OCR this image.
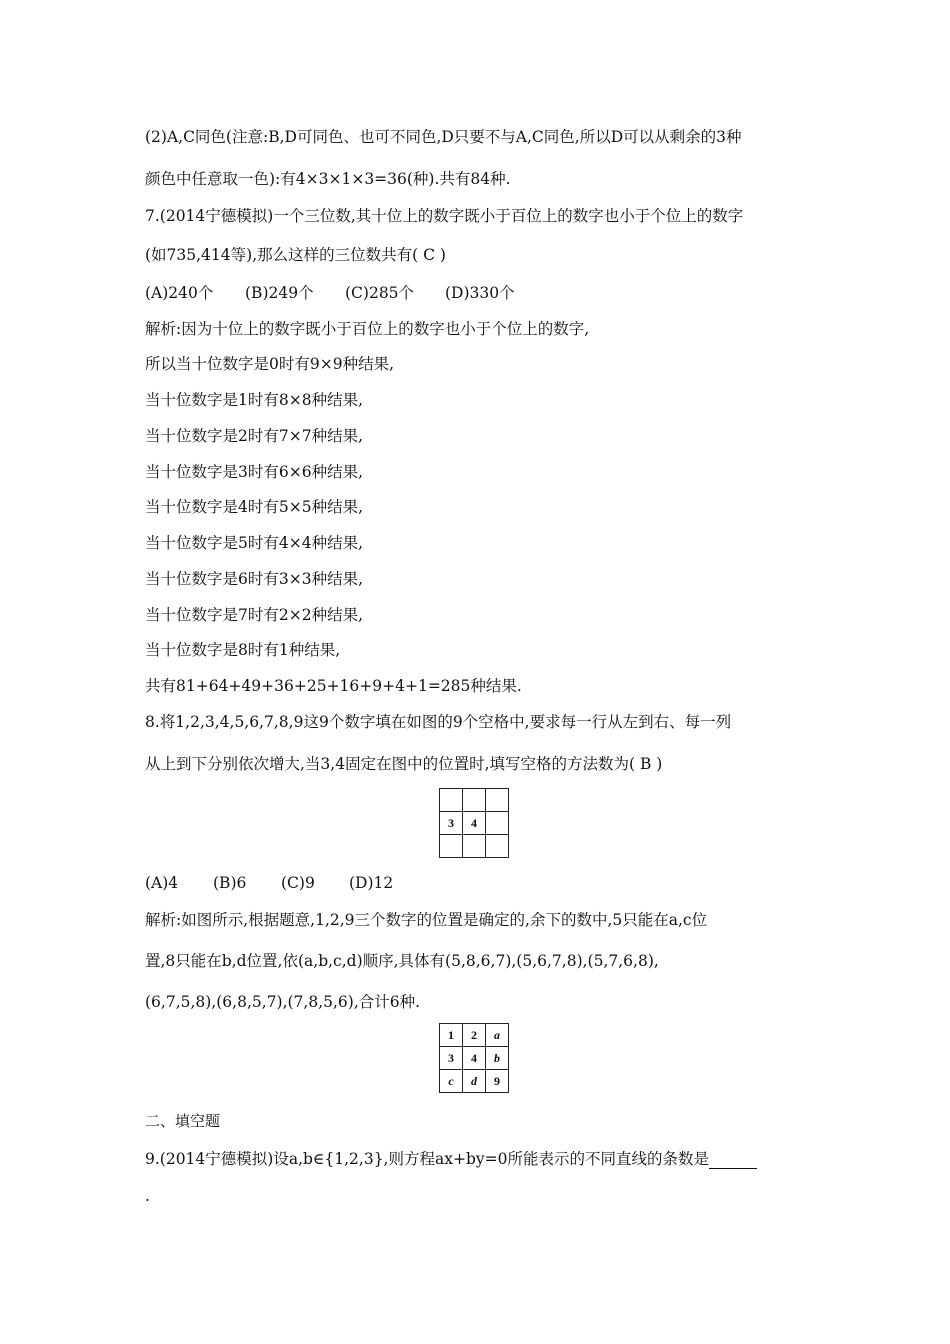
(2)A,C同色(注意:B,D可同色、也可不同色,D只要不与A,C同色,所以D可以从剩余的3种
颜色中任意取一色):有4×3×1×3=36(种).共有84种.
7.(2014宁德模拟)一个三位数,其十位上的数字既小于百位上的数字也小于个位上的数字
(如735,414等),那么这样的三位数共有( C )
(A)240个 (B)249个 (C)285个 (D)330个
解析:因为十位上的数字既小于百位上的数字也小于个位上的数字,
所以当十位数字是0时有9×9种结果,
当十位数字是1时有8×8种结果,
当十位数字是2时有7×7种结果,
当十位数字是3时有6×6种结果,
当十位数字是4时有5×5种结果,
当十位数字是5时有4×4种结果,
当十位数字是6时有3×3种结果,
当十位数字是7时有2×2种结果,
当十位数字是8时有1种结果,
共有81+64+49+36+25+16+9+4+1=285种结果.
8.将1,2,3,4,5,6,7,8,9这9个数字填在如图的9个空格中,要求每一行从左到右、每一列
从上到下分别依次增大,当3,4固定在图中的位置时,填写空格的方法数为( B )

3	4	

(A)4 (B)6 (C)9 (D)12
解析:如图所示,根据题意,1,2,9三个数字的位置是确定的,余下的数中,5只能在a,c位
置,8只能在b,d位置,依(a,b,c,d)顺序,具体有(5,8,6,7),(5,6,7,8),(5,7,6,8),
(6,7,5,8),(6,8,5,7),(7,8,5,6),合计6种.
1	2	a
3	4	b
c	d	9
二、填空题
9.(2014宁德模拟)设a,b∈{1,2,3},则方程ax+by=0所能表示的不同直线的条数是
.
